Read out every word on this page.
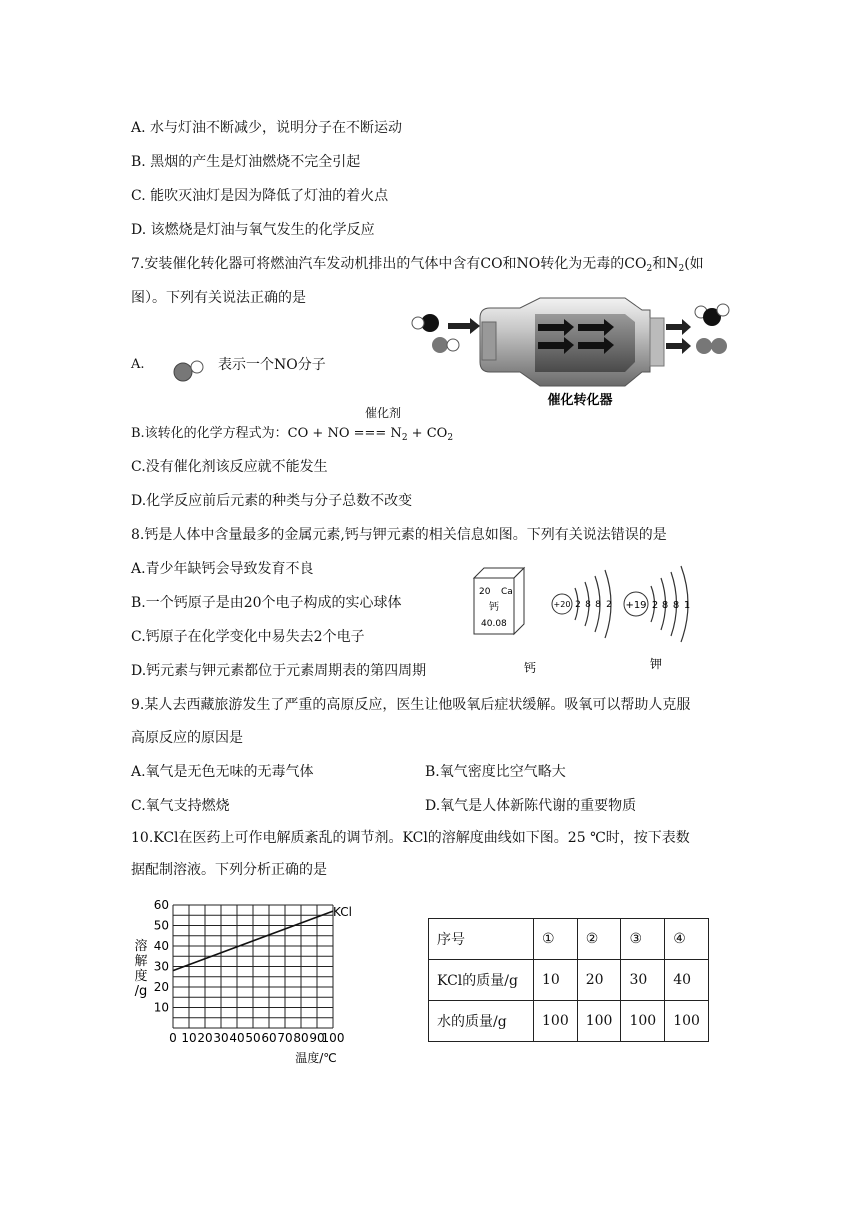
A. 水与灯油不断减少，说明分子在不断运动
B. 黑烟的产生是灯油燃烧不完全引起
C. 能吹灭油灯是因为降低了灯油的着火点
D. 该燃烧是灯油与氧气发生的化学反应
7.安装催化转化器可将燃油汽车发动机排出的气体中含有CO和NO转化为无毒的$CO_2$和$N_2$(如
图）。下列有关说法正确的是
催化转化器
A.	表示一个NO分子
催化剂
B.该转化的化学方程式为：CO + NO === $N_2 + CO_2$
C.没有催化剂该反应就不能发生
D.化学反应前后元素的种类与分子总数不改变
8.钙是人体中含量最多的金属元素,钙与钾元素的相关信息如图。下列有关说法错误的是
A.青少年缺钙会导致发育不良
B.一个钙原子是由20个电子构成的实心球体
C.钙原子在化学变化中易失去2个电子
D.钙元素与钾元素都位于元素周期表的第四周期
20 Ca
钙
40.08
+20 2 8 8 2 +19 2 8 8 1
钙	钾
9.某人去西藏旅游发生了严重的高原反应，医生让他吸氧后症状缓解。吸氧可以帮助人克服
高原反应的原因是
A.氧气是无色无味的无毒气体	B.氧气密度比空气略大
C.氧气支持燃烧	D.氧气是人体新陈代谢的重要物质
10.KCl在医药上可作电解质紊乱的调节剂。KCl的溶解度曲线如下图。25 ℃时，按下表数
据配制溶液。下列分析正确的是
0 10 20 30 40 50 60 70 80 90
100
10
20
30
40
50
60
溶解度/g
温度/℃
KCl
序号	①	②	③	④
KCl的质量/g	10	20	30	40
水的质量/g	100	100	100	100
